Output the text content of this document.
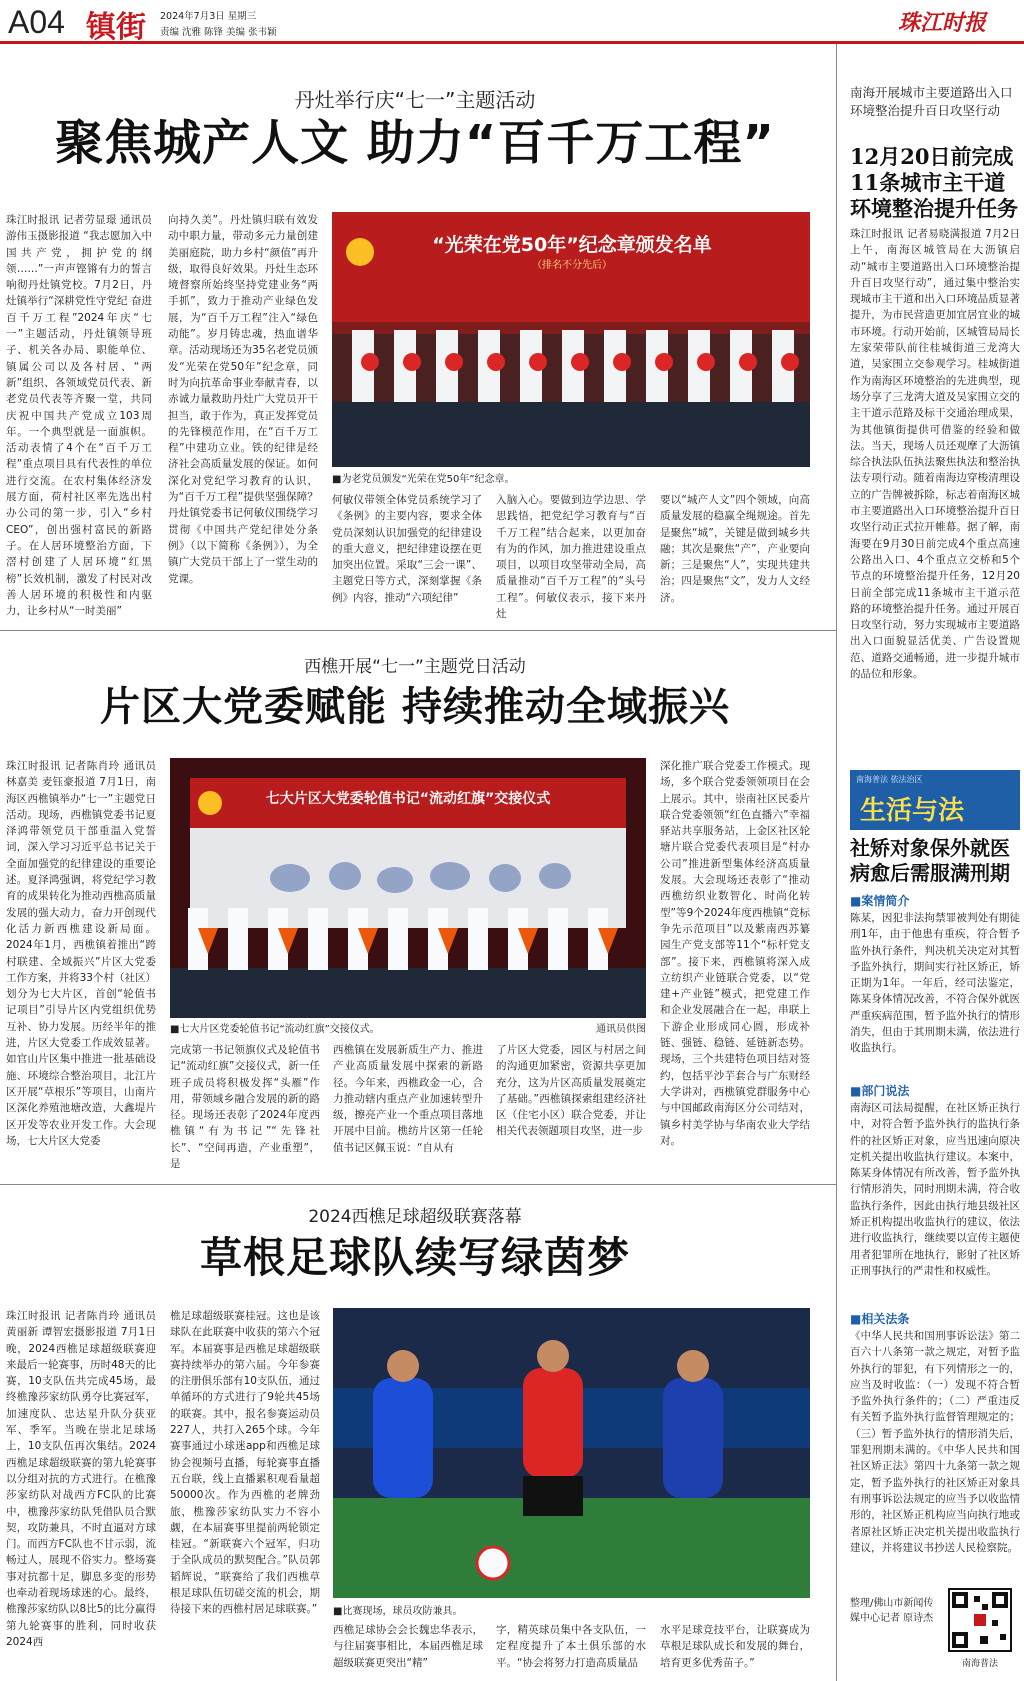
A04 镇街 2024年7月3日 星期三
责编 沈雅 陈锋 美编 张韦颖	珠江时报
丹灶举行庆“七一”主题活动
聚焦城产人文 助力“百千万工程”
珠江时报讯 记者劳显璟 通讯员游伟玉摄影报道 “我志愿加入中国共产党，拥护党的纲领……”一声声铿锵有力的誓言响彻丹灶镇党校。7月2日，丹灶镇举行“深耕党性守党纪 奋进百千万工程”2024年庆“七一”主题活动，丹灶镇领导班子、机关各办局、职能单位、镇属公司以及各村居、“两新”组织、各领域党员代表、新老党员代表等齐聚一堂，共同庆祝中国共产党成立103周年。一个典型就是一面旗帜。活动表情了4个在“百千万工程”重点项目具有代表性的单位进行交流。在农村集体经济发展方面，荷村社区率先选出村办公司的第一步，引入“乡村CEO”，创出强村富民的新路子。在人居环境整治方面，下滘村创建了人居环境“红黑榜”长效机制，激发了村民对改善人居环境的积极性和内驱力，让乡村从“一时美丽”
向持久美”。丹灶镇归联有效发动中职力量，带动多元力量创建美丽庭院，助力乡村“颜值”再升级，取得良好效果。丹灶生态环境督察所始终坚持党建业务“两手抓”，致力于推动产业绿色发展，为“百千万工程”注入“绿色动能”。岁月铸忠魂，热血谱华章。活动现场还为35名老党员颁发“光荣在党50年”纪念章，同时为向抗革命事业奉献青春，以赤诚力量救助丹灶广大党员开干担当，敢于作为，真正发挥党员的先锋模范作用，在“百千万工程”中建功立业。铁的纪律是经济社会高质量发展的保证。如何深化对党纪学习教育的认识，为“百千万工程”提供坚强保障？丹灶镇党委书记何敏仪围绕学习贯彻《中国共产党纪律处分条例》（以下简称《条例》），为全镇广大党员干部上了一堂生动的党课。
“光荣在党50年”纪念章颁发名单
（排名不分先后）
■为老党员颁发“光荣在党50年”纪念章。
何敏仪带领全体党员系统学习了《条例》的主要内容，要求全体党员深刻认识加强党的纪律建设的重大意义，把纪律建设摆在更加突出位置。采取“三会一课”、主题党日等方式，深刻掌握《条例》内容，推动“六项纪律”
入脑入心。要做到边学边思、学思践悟，把党纪学习教育与“百千万工程”结合起来，以更加奋有为的作风，加力推进建设重点项目，以项目攻坚带动全局，高质量推动“百千万工程”的“头号工程”。何敏仪表示，接下来丹灶
要以“城产人文”四个领域，向高质量发展的稳赢全绳规途。首先是聚焦“城”，关键是做到城乡共融；其次是聚焦“产”，产业要向新；三是聚焦“人”，实现共建共治；四是聚焦“文”，发力人文经济。
南海开展城市主要道路出入口环境整治提升百日攻坚行动
12月20日前完成11条城市主干道环境整治提升任务
珠江时报讯 记者易晓满报道 7月2日上午，南海区城管局在大沥镇启动“城市主要道路出入口环境整治提升百日攻坚行动”，通过集中整治实现城市主干道和出入口环境品质显著提升，为市民营造更加宜居宜业的城市环境。行动开始前，区城管局局长左家荣带队前往桂城街道三龙湾大道，吴家围立交参观学习。桂城街道作为南海区环境整治的先进典型，现场分享了三龙湾大道及吴家围立交的主干道示范路及标干交通治理成果，为其他镇街提供可借鉴的经验和做法。当天，现场人员还观摩了大沥镇综合执法队伍执法聚焦执法和整治执法专项行动。随着南海边穿梭清理设立的广告牌被拆除，标志着南海区城市主要道路出入口环境整治提升百日攻坚行动正式拉开帷幕。据了解，南海要在9月30日前完成4个重点高速公路出入口、4个重点立交桥和5个节点的环境整治提升任务，12月20日前全部完成11条城市主干道示范路的环境整治提升任务。通过开展百日攻坚行动，努力实现城市主要道路出入口面貌显活优美、广告设置规范、道路交通畅通，进一步提升城市的品位和形象。
西樵开展“七一”主题党日活动
片区大党委赋能 持续推动全域振兴
珠江时报讯 记者陈肖玲 通讯员林嘉美 麦钰豪报道 7月1日，南海区西樵镇举办“七一”主题党日活动。现场，西樵镇党委书记夏泽鸿带领党员干部重温入党誓词，深入学习习近平总书记关于全面加强党的纪律建设的重要论述。夏泽鸿强调，将党纪学习教育的成果转化为推动西樵高质量发展的强大动力，奋力开创现代化活力新西樵建设新局面。2024年1月，西樵镇着推出“跨村联建、全域振兴”片区大党委工作方案，并将33个村（社区）划分为七大片区，首创“轮值书记项目”引导片区内党组织优势互补、协力发展。历经半年的推进，片区大党委工作成效显著。如官山片区集中推进一批基础设施、环境综合整治项目，北江片区开展“草根乐”等项目，山南片区深化养殖池塘改造，大鑫堤片区开发等农业开发工作。大会现场，七大片区大党委
七大片区大党委轮值书记“流动红旗”交接仪式
■七大片区党委轮值书记“流动红旗”交接仪式。	通讯员供图
完成第一书记领旗仪式及轮值书记“流动红旗”交接仪式，新一任班子成员将积极发挥“头雁”作用，带领域乡融合发展的新的路径。现场还表彰了2024年度西樵镇“有为书记”“先锋社长”、“空间再造，产业重塑”，是
西樵镇在发展新质生产力、推进产业高质量发展中探索的新路径。今年来，西樵政金一心，合力推动辖内重点产业加速转型升级，擦亮产业一个重点项目落地开展中目前。樵纺片区第一任轮值书记区佩玉说：“自从有
了片区大党委，园区与村居之间的沟通更加紧密，资源共享更加充分，这为片区高质量发展奠定了基础。”西樵镇探索组建经济社区（住宅小区）联合党委，并让相关代表领题项目攻坚，进一步
深化推广联合党委工作模式。现场，多个联合党委领领项目在会上展示。其中，崇南社区民委片联合党委领领“红色直播六”幸福驿站共享服务站，上金区社区轮塘片联合党委代表项目是“村办公司”推进新型集体经济高质量发展。大会现场还表彰了“推动西樵纺织业数智化、时尚化转型”等9个2024年度西樵镇“竞标争先示范项目”以及紫南西苏纂园生产党支部等11个“标杆党支部”。接下来，西樵镇将深入成立纺织产业链联合党委，以“党建+产业链”模式，把党建工作和企业发展融合在一起，串联上下游企业形成同心圆，形成补链、强链、稳链、延链新态势。现场，三个共建特色项目结对签约，包括平沙芋套合与广东财经大学讲对，西樵镇党群服务中心与中国邮政南海区分公司结对，镇乡村美学协与华南农业大学结对。
南海普法 依法治区
生活与法
社矫对象保外就医病愈后需服满刑期
■案情简介
陈某，因犯非法拘禁罪被判处有期徒刑1年，由于他患有重疾，符合暂予监外执行条件，判决机关决定对其暂予监外执行，期间实行社区矫正，矫正期为1年。一年后，经司法鉴定，陈某身体情况改善，不符合保外就医严重疾病范围，暂予监外执行的情形消失，但由于其刑期未满，依法进行收监执行。
■部门说法
南海区司法局提醒，在社区矫正执行中，对符合暂予监外执行的监执行条件的社区矫正对象，应当迅速向原决定机关提出收监执行建议。本案中，陈某身体情况有所改善，暂予监外执行情形消失，同时刑期未满，符合收监执行条件，因此由执行地县级社区矫正机构提出收监执行的建议，依法进行收监执行，继续要以宣传主题使用者犯罪所在地执行，影射了社区矫正刑事执行的严肃性和权威性。
■相关法条
《中华人民共和国刑事诉讼法》第二百六十八条第一款之规定，对暂予监外执行的罪犯，有下列情形之一的，应当及时收监：（一）发现不符合暂予监外执行条件的；（二）严重违反有关暂予监外执行监督管理规定的；（三）暂予监外执行的情形消失后，罪犯刑期未满的。《中华人民共和国社区矫正法》第四十九条第一款之规定，暂予监外执行的社区矫正对象具有刑事诉讼法规定的应当予以收监情形的，社区矫正机构应当向执行地或者原社区矫正决定机关提出收监执行建议，并将建议书抄送人民检察院。
整理/佛山市新闻传媒中心记者 原诗杰
南海普法
2024西樵足球超级联赛落幕
草根足球队续写绿茵梦
珠江时报讯 记者陈肖玲 通讯员黄丽新 谭智宏摄影报道 7月1日晚，2024西樵足球超级联赛迎来最后一轮赛事，历时48天的比赛，10支队伍共完成45场，最终樵豫莎家纺队勇夺比赛冠军，加速度队、忠达星升队分获亚军、季军。当晚在崇北足球场上，10支队伍再次集结。2024西樵足球超级联赛的第九轮赛事以分组对抗的方式进行。在樵豫莎家纺队对战西方FC队的比赛中，樵豫莎家纺队凭借队员合默契，攻防兼具，不时直逼对方球门。而西方FC队也不甘示弱，流畅过人，展现不俗实力。整场赛事对抗都十足，脚息多变的形势也牵动着现场球迷的心。最终，樵豫莎家纺队以8比5的比分赢得第九轮赛事的胜利，同时收获2024西
樵足球超级联赛桂冠。这也是该球队在此联赛中收获的第六个冠军。本届赛事是西樵足球超级联赛持续举办的第六届。今年参赛的注册俱乐部有10支队伍，通过单循环的方式进行了9轮共45场的联赛。其中，报名参赛运动员227人，共打入265个球。今年赛事通过小球迷app和西樵足球协会视频号直播，每轮赛事直播五台联，线上直播累积观看量超50000次。作为西樵的老牌劲旅，樵豫莎家纺队实力不容小觑，在本届赛事里提前两轮锁定桂冠。“新联赛六个冠军，归功于全队成员的默契配合。”队员郭韬辉说，“联赛给了我们西樵草根足球队伍切磋交流的机会，期待接下来的西樵村居足球联赛。” ■比赛现场，球员攻防兼具。
西樵足球协会会长魏忠华表示，与往届赛事相比，本届西樵足球超级联赛更突出“精”
字，精英球员集中各支队伍，一定程度提升了本土俱乐部的水平。“协会将努力打造高质量品
水平足球竞技平台，让联赛成为草根足球队成长和发展的舞台，培育更多优秀苗子。”
